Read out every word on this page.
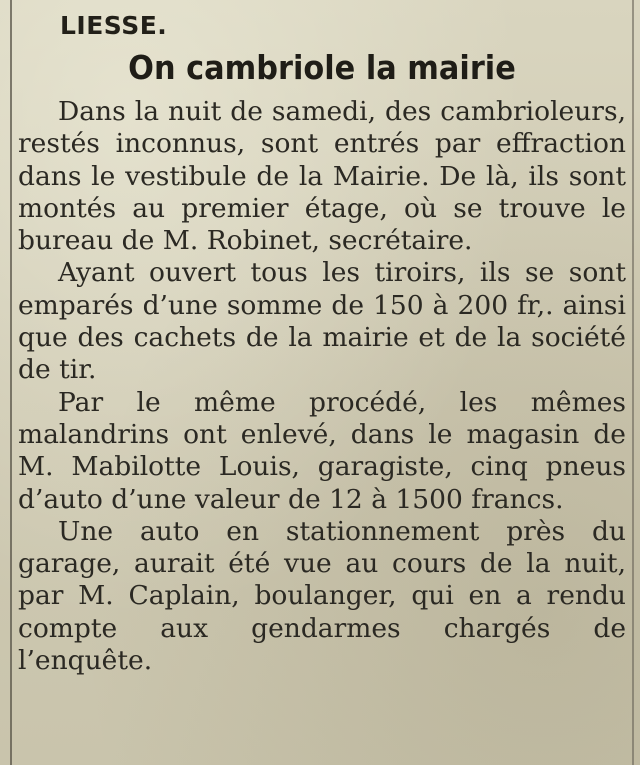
LIESSE.
On cambriole la mairie

Dans la nuit de samedi, des cambrioleurs, restés inconnus, sont entrés par effraction dans le vestibule de la Mairie. De là, ils sont montés au premier étage, où se trouve le bureau de M. Robinet, secrétaire.

Ayant ouvert tous les tiroirs, ils se sont emparés d’une somme de 150 à 200 fr,. ainsi que des cachets de la mairie et de la société de tir.

Par le même procédé, les mêmes malandrins ont enlevé, dans le magasin de M. Mabilotte Louis, garagiste, cinq pneus d’auto d’une valeur de 12 à 1500 francs.

Une auto en stationnement près du garage, aurait été vue au cours de la nuit, par M. Caplain, boulanger, qui en a rendu compte aux gendarmes chargés de l’enquête.
